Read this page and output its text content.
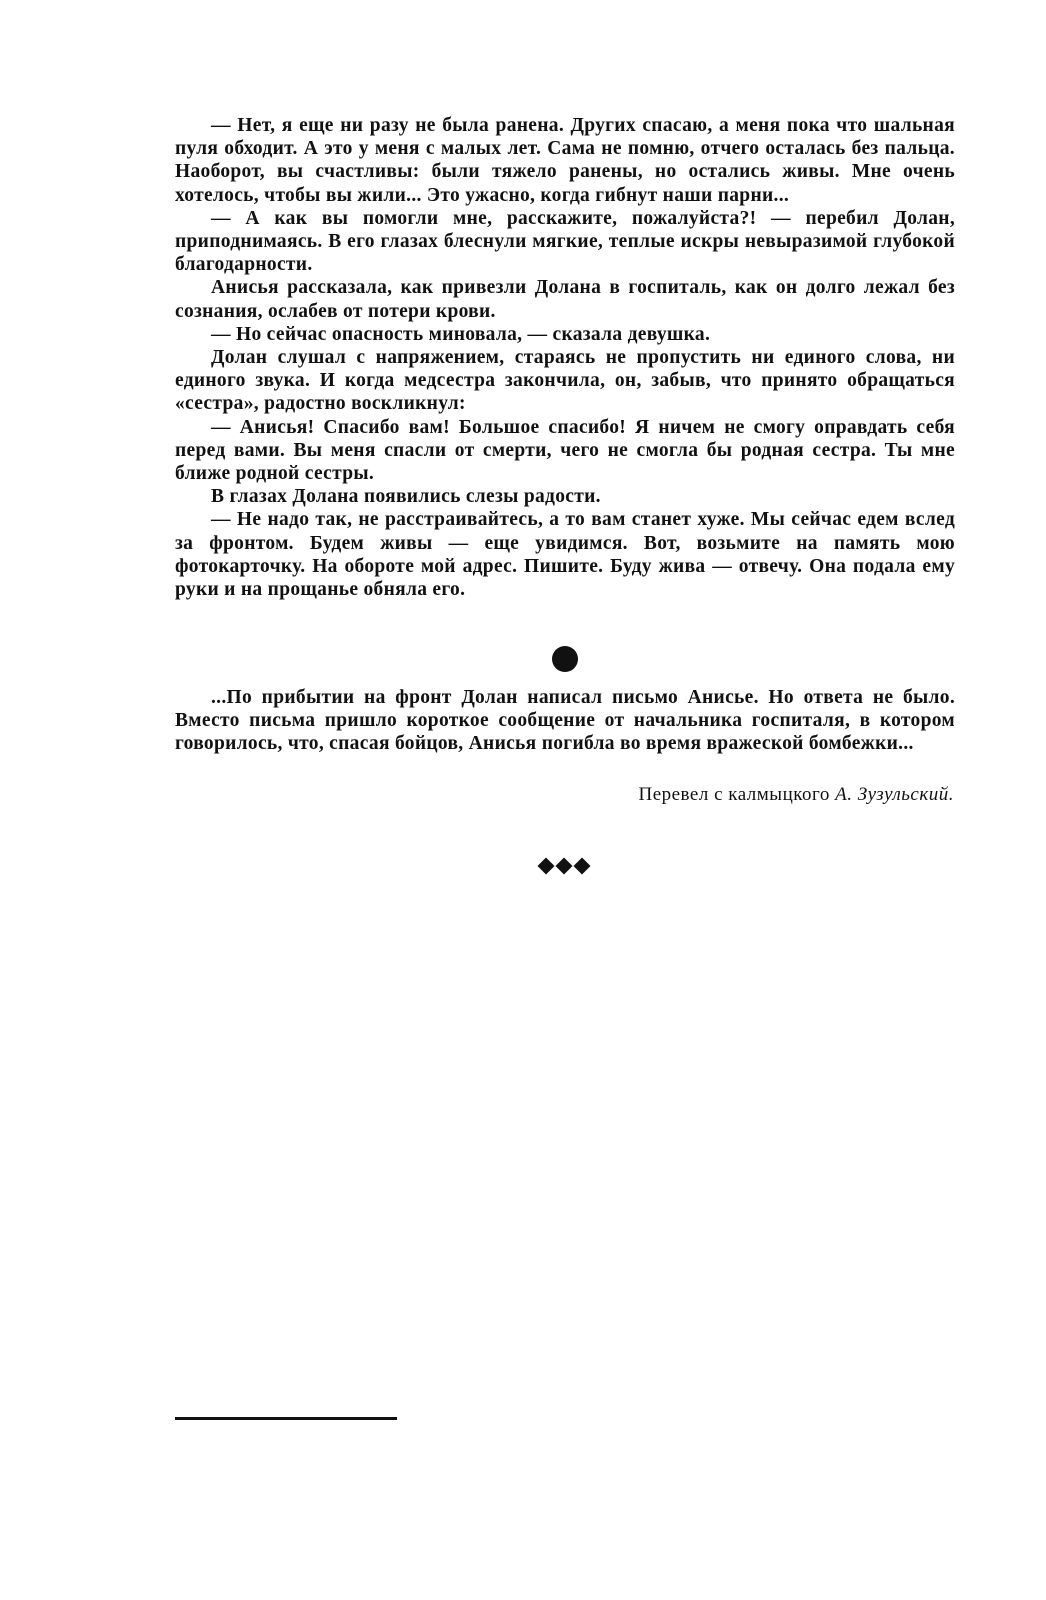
— Нет, я еще ни разу не была ранена. Других спасаю, а меня пока что шальная пуля обходит. А это у меня с малых лет. Сама не помню, отчего осталась без пальца. Наоборот, вы счастливы: были тяжело ранены, но остались живы. Мне очень хотелось, чтобы вы жили... Это ужасно, когда гибнут наши парни...

— А как вы помогли мне, расскажите, пожалуйста?! — перебил Долан, приподнимаясь. В его глазах блеснули мягкие, теплые искры невыразимой глубокой благодарности.

Анисья рассказала, как привезли Долана в госпиталь, как он долго лежал без сознания, ослабев от потери крови.

— Но сейчас опасность миновала, — сказала девушка.

Долан слушал с напряжением, стараясь не пропустить ни единого слова, ни единого звука. И когда медсестра закончила, он, забыв, что принято обращаться «сестра», радостно воскликнул:

— Анисья! Спасибо вам! Большое спасибо! Я ничем не смогу оправдать себя перед вами. Вы меня спасли от смерти, чего не смогла бы родная сестра. Ты мне ближе родной сестры.

В глазах Долана появились слезы радости.

— Не надо так, не расстраивайтесь, а то вам станет хуже. Мы сейчас едем вслед за фронтом. Будем живы — еще увидимся. Вот, возьмите на память мою фотокарточку. На обороте мой адрес. Пишите. Буду жива — отвечу. Она подала ему руки и на прощанье обняла его.

...По прибытии на фронт Долан написал письмо Анисье. Но ответа не было. Вместо письма пришло короткое сообщение от начальника госпиталя, в котором говорилось, что, спасая бойцов, Анисья погибла во время вражеской бомбежки...

Перевел с калмыцкого А. Зузульский.
